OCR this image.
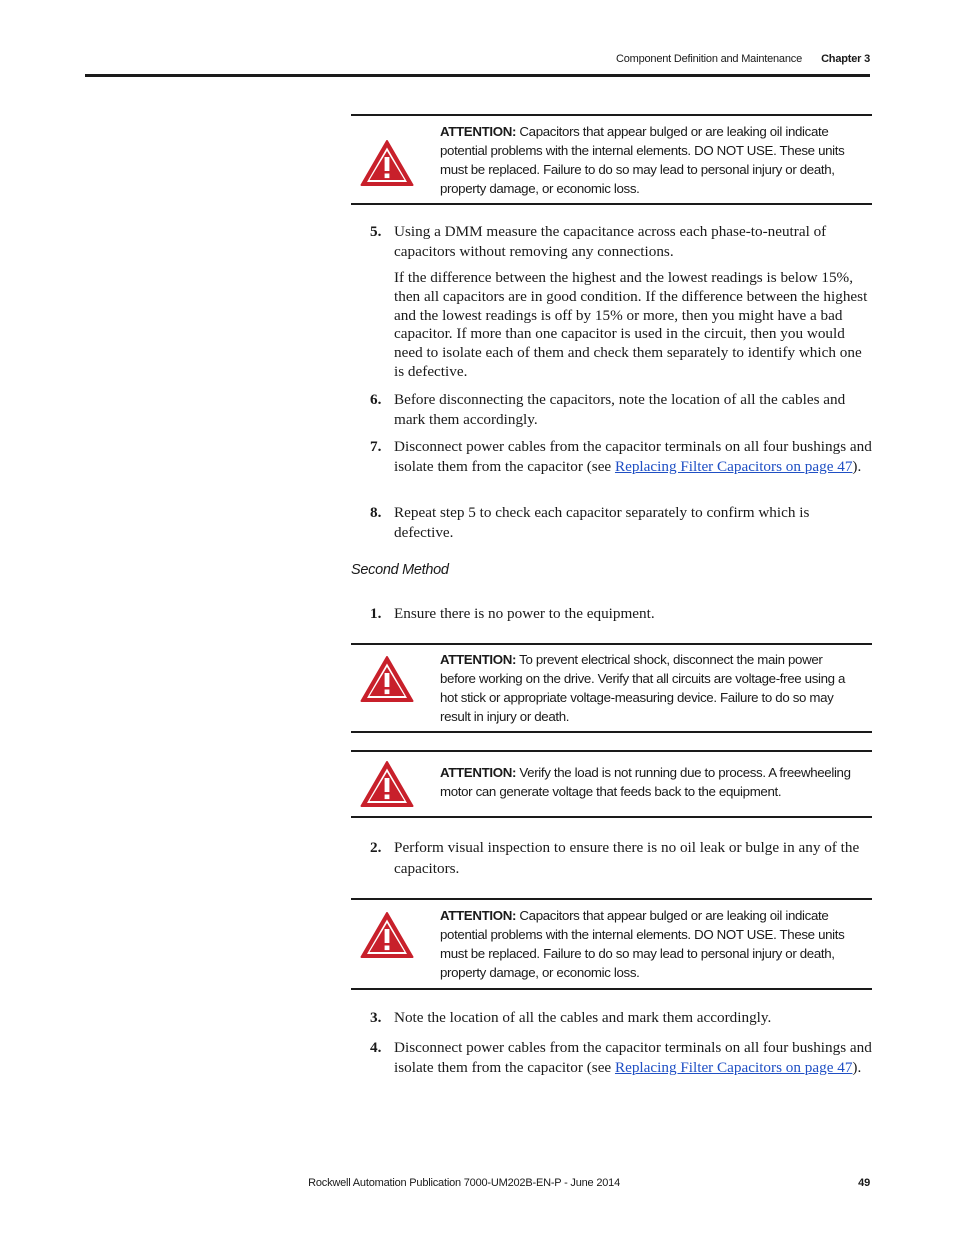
Component Definition and Maintenance Chapter 3
ATTENTION: Capacitors that appear bulged or are leaking oil indicate potential problems with the internal elements. DO NOT USE. These units must be replaced. Failure to do so may lead to personal injury or death, property damage, or economic loss.
5. Using a DMM measure the capacitance across each phase-to-neutral of capacitors without removing any connections.
If the difference between the highest and the lowest readings is below 15%, then all capacitors are in good condition. If the difference between the highest and the lowest readings is off by 15% or more, then you might have a bad capacitor. If more than one capacitor is used in the circuit, then you would need to isolate each of them and check them separately to identify which one is defective.
6. Before disconnecting the capacitors, note the location of all the cables and mark them accordingly.
7. Disconnect power cables from the capacitor terminals on all four bushings and isolate them from the capacitor (see Replacing Filter Capacitors on page 47).
8. Repeat step 5 to check each capacitor separately to confirm which is defective.
Second Method
1. Ensure there is no power to the equipment.
ATTENTION: To prevent electrical shock, disconnect the main power before working on the drive. Verify that all circuits are voltage-free using a hot stick or appropriate voltage-measuring device. Failure to do so may result in injury or death.
ATTENTION: Verify the load is not running due to process. A freewheeling motor can generate voltage that feeds back to the equipment.
2. Perform visual inspection to ensure there is no oil leak or bulge in any of the capacitors.
ATTENTION: Capacitors that appear bulged or are leaking oil indicate potential problems with the internal elements. DO NOT USE. These units must be replaced. Failure to do so may lead to personal injury or death, property damage, or economic loss.
3. Note the location of all the cables and mark them accordingly.
4. Disconnect power cables from the capacitor terminals on all four bushings and isolate them from the capacitor (see Replacing Filter Capacitors on page 47).
Rockwell Automation Publication 7000-UM202B-EN-P - June 2014	49
